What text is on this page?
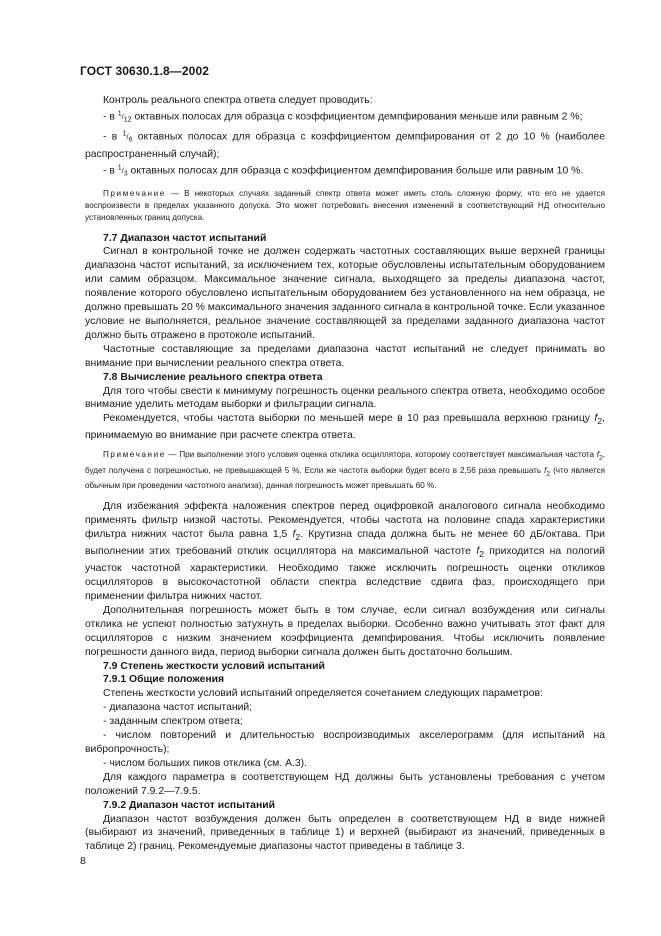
ГОСТ 30630.1.8—2002

Контроль реального спектра ответа следует проводить:

- в $^1/_{12}$ октавных полосах для образца с коэффициентом демпфирования меньше или равным 2 %;

- в $^1/_6$ октавных полосах для образца с коэффициентом демпфирования от 2 до 10 % (наиболее распространенный случай);

- в $^1/_3$ октавных полосах для образца с коэффициентом демпфирования больше или равным 10 %.

Примечание — В некоторых случаях заданный спектр ответа может иметь столь сложную форму, что его не удается воспроизвести в пределах указанного допуска. Это может потребовать внесения изменений в соответствующий НД относительно установленных границ допуска.

7.7 Диапазон частот испытаний

Сигнал в контрольной точке не должен содержать частотных составляющих выше верхней границы диапазона частот испытаний, за исключением тех, которые обусловлены испытательным оборудованием или самим образцом. Максимальное значение сигнала, выходящего за пределы диапазона частот, появление которого обусловлено испытательным оборудованием без установленного на нем образца, не должно превышать 20 % максимального значения заданного сигнала в контрольной точке. Если указанное условие не выполняется, реальное значение составляющей за пределами заданного диапазона частот должно быть отражено в протоколе испытаний.

Частотные составляющие за пределами диапазона частот испытаний не следует принимать во внимание при вычислении реального спектра ответа.

7.8 Вычисление реального спектра ответа

Для того чтобы свести к минимуму погрешность оценки реального спектра ответа, необходимо особое внимание уделить методам выборки и фильтрации сигнала.

Рекомендуется, чтобы частота выборки по меньшей мере в 10 раз превышала верхнюю границу $f_2$, принимаемую во внимание при расчете спектра ответа.

Примечание — При выполнении этого условия оценка отклика осциллятора, которому соответствует максимальная частота $f_2$, будет получена с погрешностью, не превышающей 5 %. Если же частота выборки будет всего в 2,56 раза превышать $f_2$ (что является обычным при проведении частотного анализа), данная погрешность может превышать 60 %.

Для избежания эффекта наложения спектров перед оцифровкой аналогового сигнала необходимо применять фильтр низкой частоты. Рекомендуется, чтобы частота на половине спада характеристики фильтра нижних частот была равна 1,5 $f_2$. Крутизна спада должна быть не менее 60 дБ/октава. При выполнении этих требований отклик осциллятора на максимальной частоте $f_2$ приходится на пологий участок частотной характеристики. Необходимо также исключить погрешность оценки откликов осцилляторов в высокочастотной области спектра вследствие сдвига фаз, происходящего при применении фильтра нижних частот.

Дополнительная погрешность может быть в том случае, если сигнал возбуждения или сигналы отклика не успеют полностью затухнуть в пределах выборки. Особенно важно учитывать этот факт для осцилляторов с низким значением коэффициента демпфирования. Чтобы исключить появление погрешности данного вида, период выборки сигнала должен быть достаточно большим.

7.9 Степень жесткости условий испытаний
7.9.1 Общие положения

Степень жесткости условий испытаний определяется сочетанием следующих параметров:

- диапазона частот испытаний;

- заданным спектром ответа;

- числом повторений и длительностью воспроизводимых акселерограмм (для испытаний на вибропрочность);

- числом больших пиков отклика (см. А.3).

Для каждого параметра в соответствующем НД должны быть установлены требования с учетом положений 7.9.2—7.9.5.

7.9.2 Диапазон частот испытаний

Диапазон частот возбуждения должен быть определен в соответствующем НД в виде нижней (выбирают из значений, приведенных в таблице 1) и верхней (выбирают из значений, приведенных в таблице 2) границ. Рекомендуемые диапазоны частот приведены в таблице 3.

8
